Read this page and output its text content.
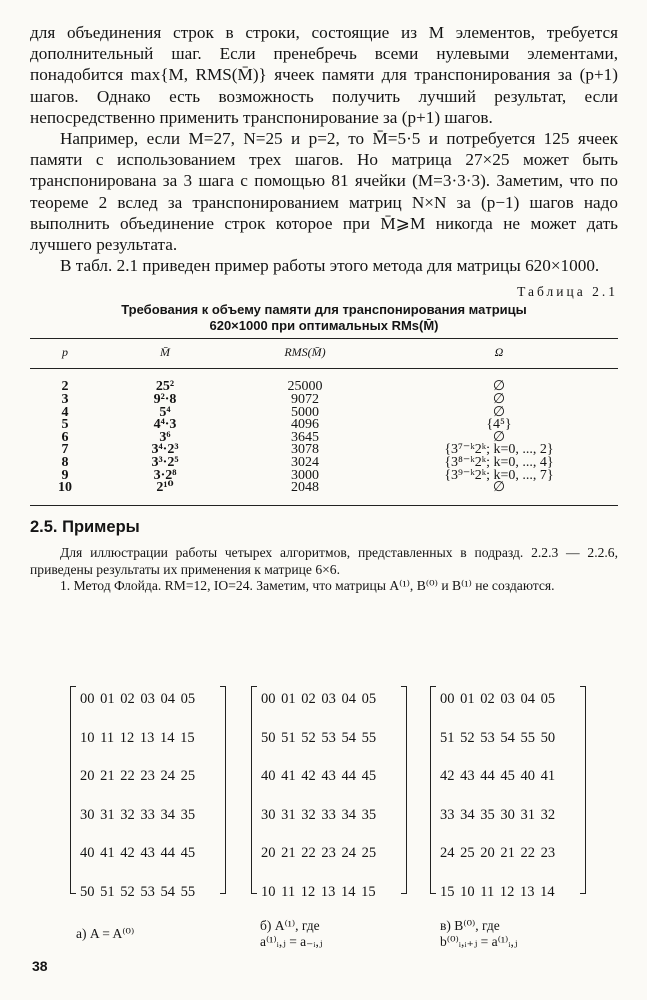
для объединения строк в строки, состоящие из M элементов, требуется дополнительный шаг. Если пренебречь всеми нулевыми элементами, понадобится max{M, RMS(M̄)} ячеек памяти для транспонирования за (p+1) шагов. Однако есть возможность получить лучший результат, если непосредственно применить транспонирование за (p+1) шагов.

Например, если M=27, N=25 и p=2, то M̄=5·5 и потребуется 125 ячеек памяти с использованием трех шагов. Но матрица 27×25 может быть транспонирована за 3 шага с помощью 81 ячейки (M=3·3·3). Заметим, что по теореме 2 вслед за транспонированием матриц N×N за (p−1) шагов надо выполнить объединение строк которое при M̄⩾M никогда не может дать лучшего результата.

В табл. 2.1 приведен пример работы этого метода для матрицы 620×1000.

Таблица 2.1
Требования к объему памяти для транспонирования матрицы
620×1000 при оптимальных RMs(M̄)
p	M̄	RMS(M̄)	Ω
2	25²	25000	∅
3	9²·8	9072	∅
4	5⁴	5000	∅
5	4⁴·3	4096	{4⁵}
6	3⁶	3645	∅
7	3⁴·2³	3078	{3⁷⁻ᵏ2ᵏ; k=0, ..., 2}
8	3³·2⁵	3024	{3⁸⁻ᵏ2ᵏ; k=0, ..., 4}
9	3·2⁸	3000	{3⁹⁻ᵏ2ᵏ; k=0, ..., 7}
10	2¹⁰	2048	∅
2.5. Примеры

Для иллюстрации работы четырех алгоритмов, представленных в подразд. 2.2.3 — 2.2.6, приведены результаты их применения к матрице 6×6.

1. Метод Флойда. RM=12, IO=24. Заметим, что матрицы A⁽¹⁾, B⁽⁰⁾ и B⁽¹⁾ не создаются.

00 01 02 03 04 05
10 11 12 13 14 15
20 21 22 23 24 25
30 31 32 33 34 35
40 41 42 43 44 45
50 51 52 53 54 55
00 01 02 03 04 05
50 51 52 53 54 55
40 41 42 43 44 45
30 31 32 33 34 35
20 21 22 23 24 25
10 11 12 13 14 15
00 01 02 03 04 05
51 52 53 54 55 50
42 43 44 45 40 41
33 34 35 30 31 32
24 25 20 21 22 23
15 10 11 12 13 14
а) A = A⁽⁰⁾
б) A⁽¹⁾, где
a⁽¹⁾ᵢ,ⱼ = a₋ᵢ,ⱼ
в) B⁽⁰⁾, где
b⁽⁰⁾ᵢ,ᵢ₊ⱼ = a⁽¹⁾ᵢ,ⱼ
38
